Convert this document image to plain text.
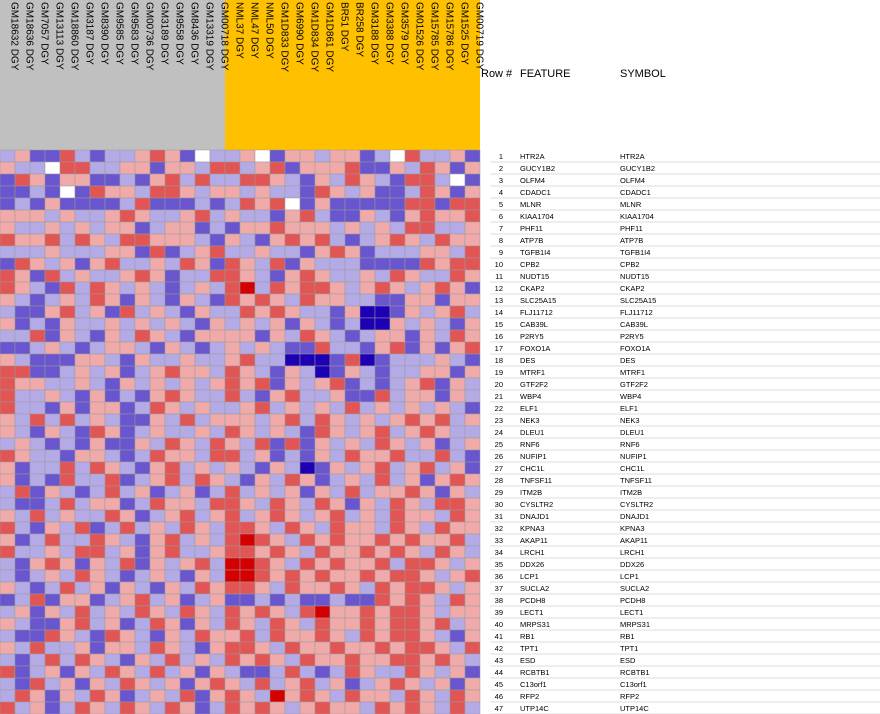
GM18632 DGY GM18636 DGY GM7057 DGY GM13113 DGY GM18860 DGY GM3187 DGY GM8390 DGY GM9585 DGY GM9583 DGY GM00736 DGY GM3189 DGY GM9558 DGY GM8436 DGY GM13319 DGY GM00718 DGY NML37 DGY NML47 DGY NML50 DGY GM1D833 DGY GM6990 DGY GM1D834 DGY GM1D861 DGY BR51 DGY BR258 DGY GM3188 DGY GM3388 DGY GM3579 DGY GM01526 DGY GM15785 DGY GM15786 DGY GM1525 DGY GM00719 DGY
1 HTR2A	HTR2A
2 GUCY1B2	GUCY1B2
3 OLFM4	OLFM4
4 CDADC1	CDADC1
5 MLNR	MLNR
6 KIAA1704	KIAA1704
7 PHF11	PHF11
8 ATP7B	ATP7B
9 TGFB1I4	TGFB1I4
10 CPB2	CPB2
11 NUDT15	NUDT15
12 CKAP2	CKAP2
13 SLC25A15	SLC25A15
14 FLJ11712	FLJ11712
15 CAB39L	CAB39L
16 P2RY5	P2RY5
17 FOXO1A	FOXO1A
18 DES	DES
19 MTRF1	MTRF1
20 GTF2F2	GTF2F2
21 WBP4	WBP4
22 ELF1	ELF1
23 NEK3	NEK3
24 DLEU1	DLEU1
25 RNF6	RNF6
26 NUFIP1	NUFIP1
27 CHC1L	CHC1L
28 TNFSF11	TNFSF11
29 ITM2B	ITM2B
30 CYSLTR2	CYSLTR2
31 DNAJD1	DNAJD1
32 KPNA3	KPNA3
33 AKAP11	AKAP11
34 LRCH1	LRCH1
35 DDX26	DDX26
36 LCP1	LCP1
37 SUCLA2	SUCLA2
38 PCDH8	PCDH8
39 LECT1	LECT1
40 MRPS31	MRPS31
41 RB1	RB1
42 TPT1	TPT1
43 ESD	ESD
44 RCBTB1	RCBTB1
45 C13orf1	C13orf1
46 RFP2	RFP2
47 UTP14C	UTP14C
Row # FEATURE	SYMBOL
